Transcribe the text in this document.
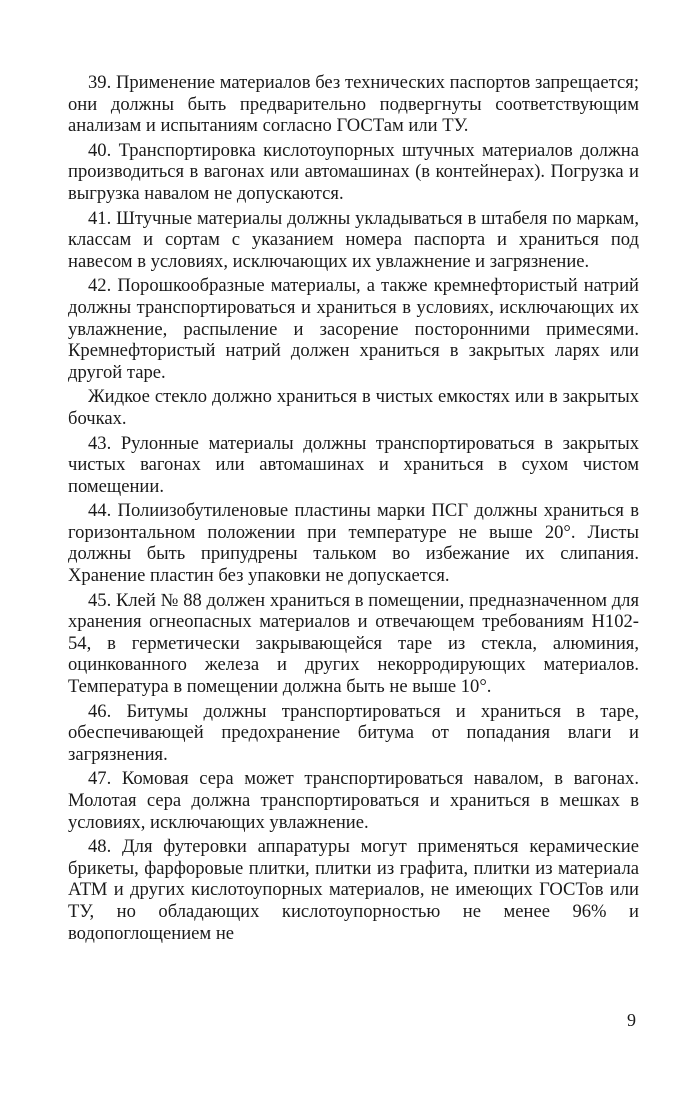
39. Применение материалов без технических паспортов запрещается; они должны быть предварительно подвергнуты соответствующим анализам и испытаниям согласно ГОСТам или ТУ.

40. Транспортировка кислотоупорных штучных материалов должна производиться в вагонах или автомашинах (в контейнерах). Погрузка и выгрузка навалом не допускаются.

41. Штучные материалы должны укладываться в штабеля по маркам, классам и сортам с указанием номера паспорта и храниться под навесом в условиях, исключающих их увлажнение и загрязнение.

42. Порошкообразные материалы, а также кремнефтористый натрий должны транспортироваться и храниться в условиях, исключающих их увлажнение, распыление и засорение посторонними примесями. Кремнефтористый натрий должен храниться в закрытых ларях или другой таре.

Жидкое стекло должно храниться в чистых емкостях или в закрытых бочках.

43. Рулонные материалы должны транспортироваться в закрытых чистых вагонах или автомашинах и храниться в сухом чистом помещении.

44. Полиизобутиленовые пластины марки ПСГ должны храниться в горизонтальном положении при температуре не выше 20°. Листы должны быть припудрены тальком во избежание их слипания. Хранение пластин без упаковки не допускается.

45. Клей № 88 должен храниться в помещении, предназначенном для хранения огнеопасных материалов и отвечающем требованиям Н102-54, в герметически закрывающейся таре из стекла, алюминия, оцинкованного железа и других некорродирующих материалов. Температура в помещении должна быть не выше 10°.

46. Битумы должны транспортироваться и храниться в таре, обеспечивающей предохранение битума от попадания влаги и загрязнения.

47. Комовая сера может транспортироваться навалом, в вагонах. Молотая сера должна транспортироваться и храниться в мешках в условиях, исключающих увлажнение.

48. Для футеровки аппаратуры могут применяться керамические брикеты, фарфоровые плитки, плитки из графита, плитки из материала АТМ и других кислотоупорных материалов, не имеющих ГОСТов или ТУ, но обладающих кислотоупорностью не менее 96% и водопоглощением не

9
